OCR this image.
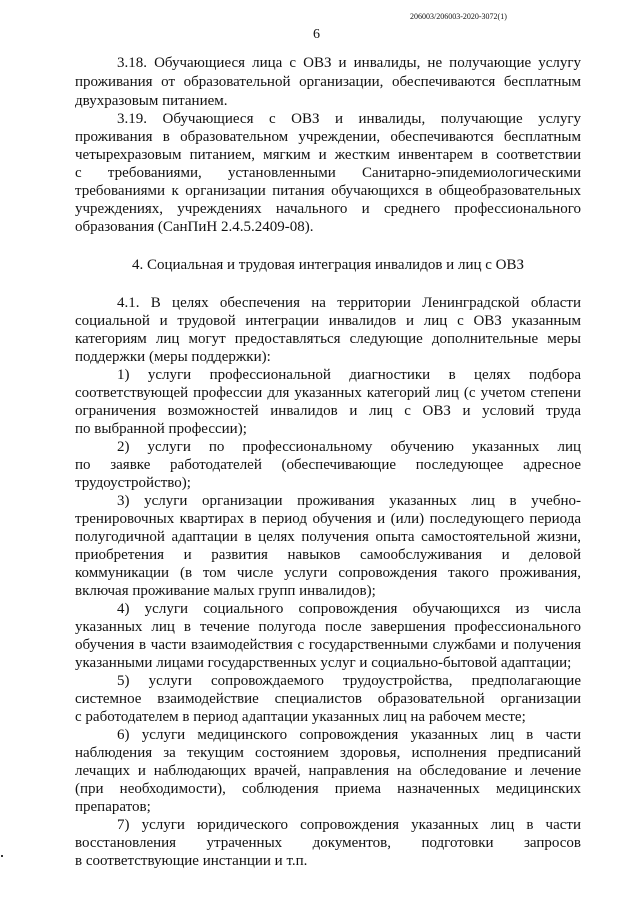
206003/206003-2020-3072(1)
6
3.18. Обучающиеся лица с ОВЗ и инвалиды, не получающие услугу
проживания от образовательной организации, обеспечиваются бесплатным
двухразовым питанием.
3.19. Обучающиеся с ОВЗ и инвалиды, получающие услугу
проживания в образовательном учреждении, обеспечиваются бесплатным
четырехразовым питанием, мягким и жестким инвентарем в соответствии
с требованиями, установленными Санитарно-эпидемиологическими
требованиями к организации питания обучающихся в общеобразовательных
учреждениях, учреждениях начального и среднего профессионального
образования (СанПиН 2.4.5.2409-08).
4. Социальная и трудовая интеграция инвалидов и лиц с ОВЗ
4.1. В целях обеспечения на территории Ленинградской области
социальной и трудовой интеграции инвалидов и лиц с ОВЗ указанным
категориям лиц могут предоставляться следующие дополнительные меры
поддержки (меры поддержки):
1) услуги профессиональной диагностики в целях подбора
соответствующей профессии для указанных категорий лиц (с учетом степени
ограничения возможностей инвалидов и лиц с ОВЗ и условий труда
по выбранной профессии);
2) услуги по профессиональному обучению указанных лиц
по заявке работодателей (обеспечивающие последующее адресное
трудоустройство);
3) услуги организации проживания указанных лиц в учебно-
тренировочных квартирах в период обучения и (или) последующего периода
полугодичной адаптации в целях получения опыта самостоятельной жизни,
приобретения и развития навыков самообслуживания и деловой
коммуникации (в том числе услуги сопровождения такого проживания,
включая проживание малых групп инвалидов);
4) услуги социального сопровождения обучающихся из числа
указанных лиц в течение полугода после завершения профессионального
обучения в части взаимодействия с государственными службами и получения
указанными лицами государственных услуг и социально-бытовой адаптации;
5) услуги сопровождаемого трудоустройства, предполагающие
системное взаимодействие специалистов образовательной организации
с работодателем в период адаптации указанных лиц на рабочем месте;
6) услуги медицинского сопровождения указанных лиц в части
наблюдения за текущим состоянием здоровья, исполнения предписаний
лечащих и наблюдающих врачей, направления на обследование и лечение
(при необходимости), соблюдения приема назначенных медицинских
препаратов;
7) услуги юридического сопровождения указанных лиц в части
восстановления утраченных документов, подготовки запросов
в соответствующие инстанции и т.п.
